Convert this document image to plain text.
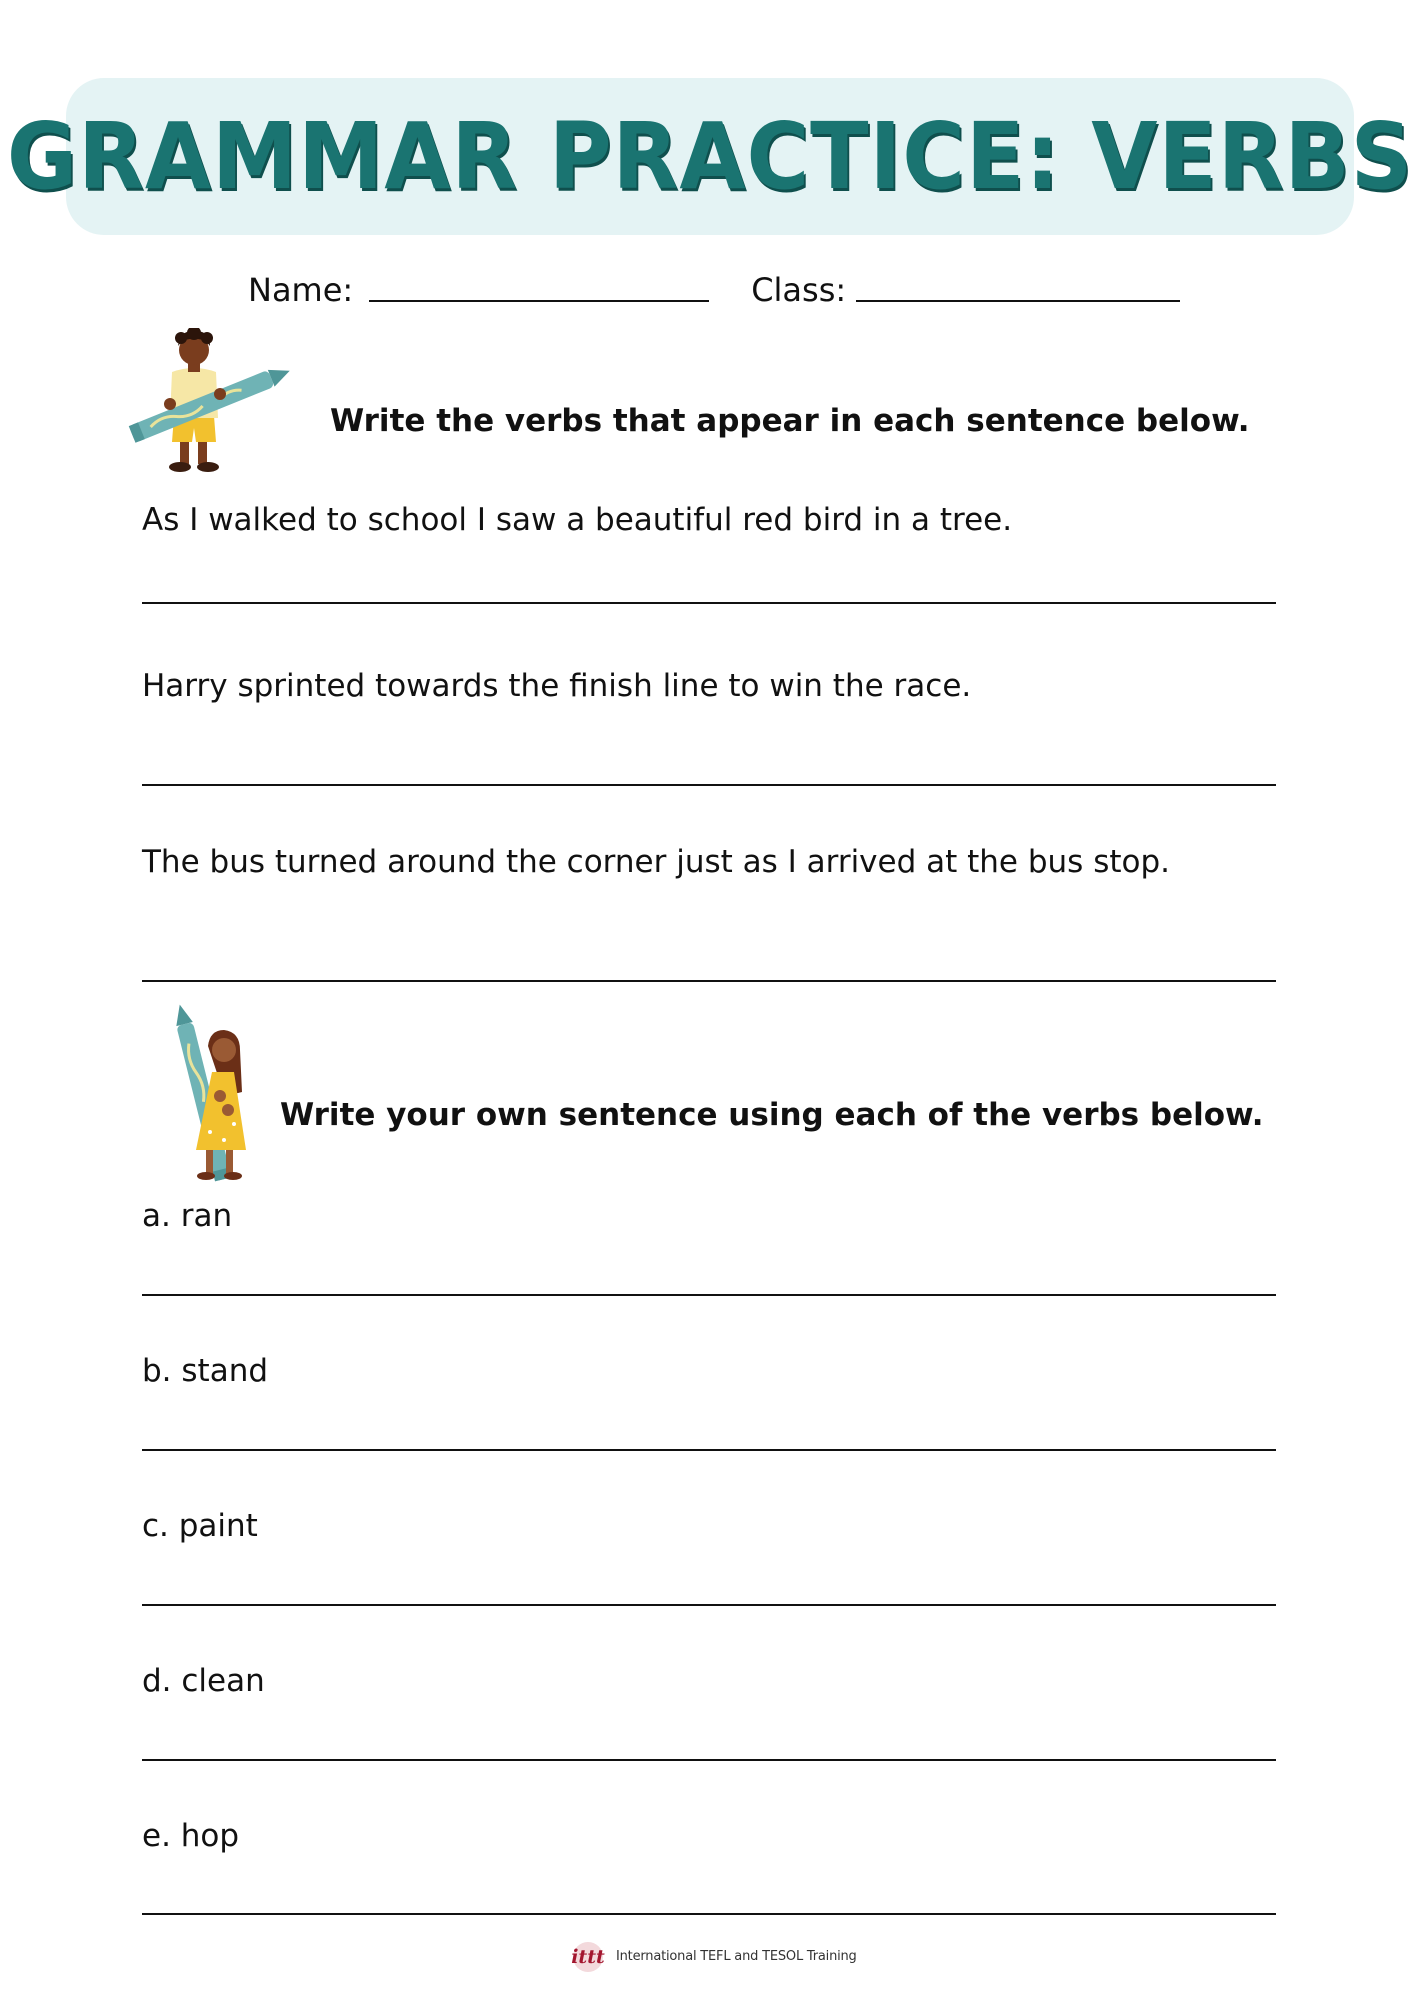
GRAMMAR PRACTICE: VERBS
Name:	Class:
Write the verbs that appear in each sentence below.
As I walked to school I saw a beautiful red bird in a tree.
Harry sprinted towards the finish line to win the race.
The bus turned around the corner just as I arrived at the bus stop.
Write your own sentence using each of the verbs below.
a. ran
b. stand
c. paint
d. clean
e. hop
ittt International TEFL and TESOL Training
